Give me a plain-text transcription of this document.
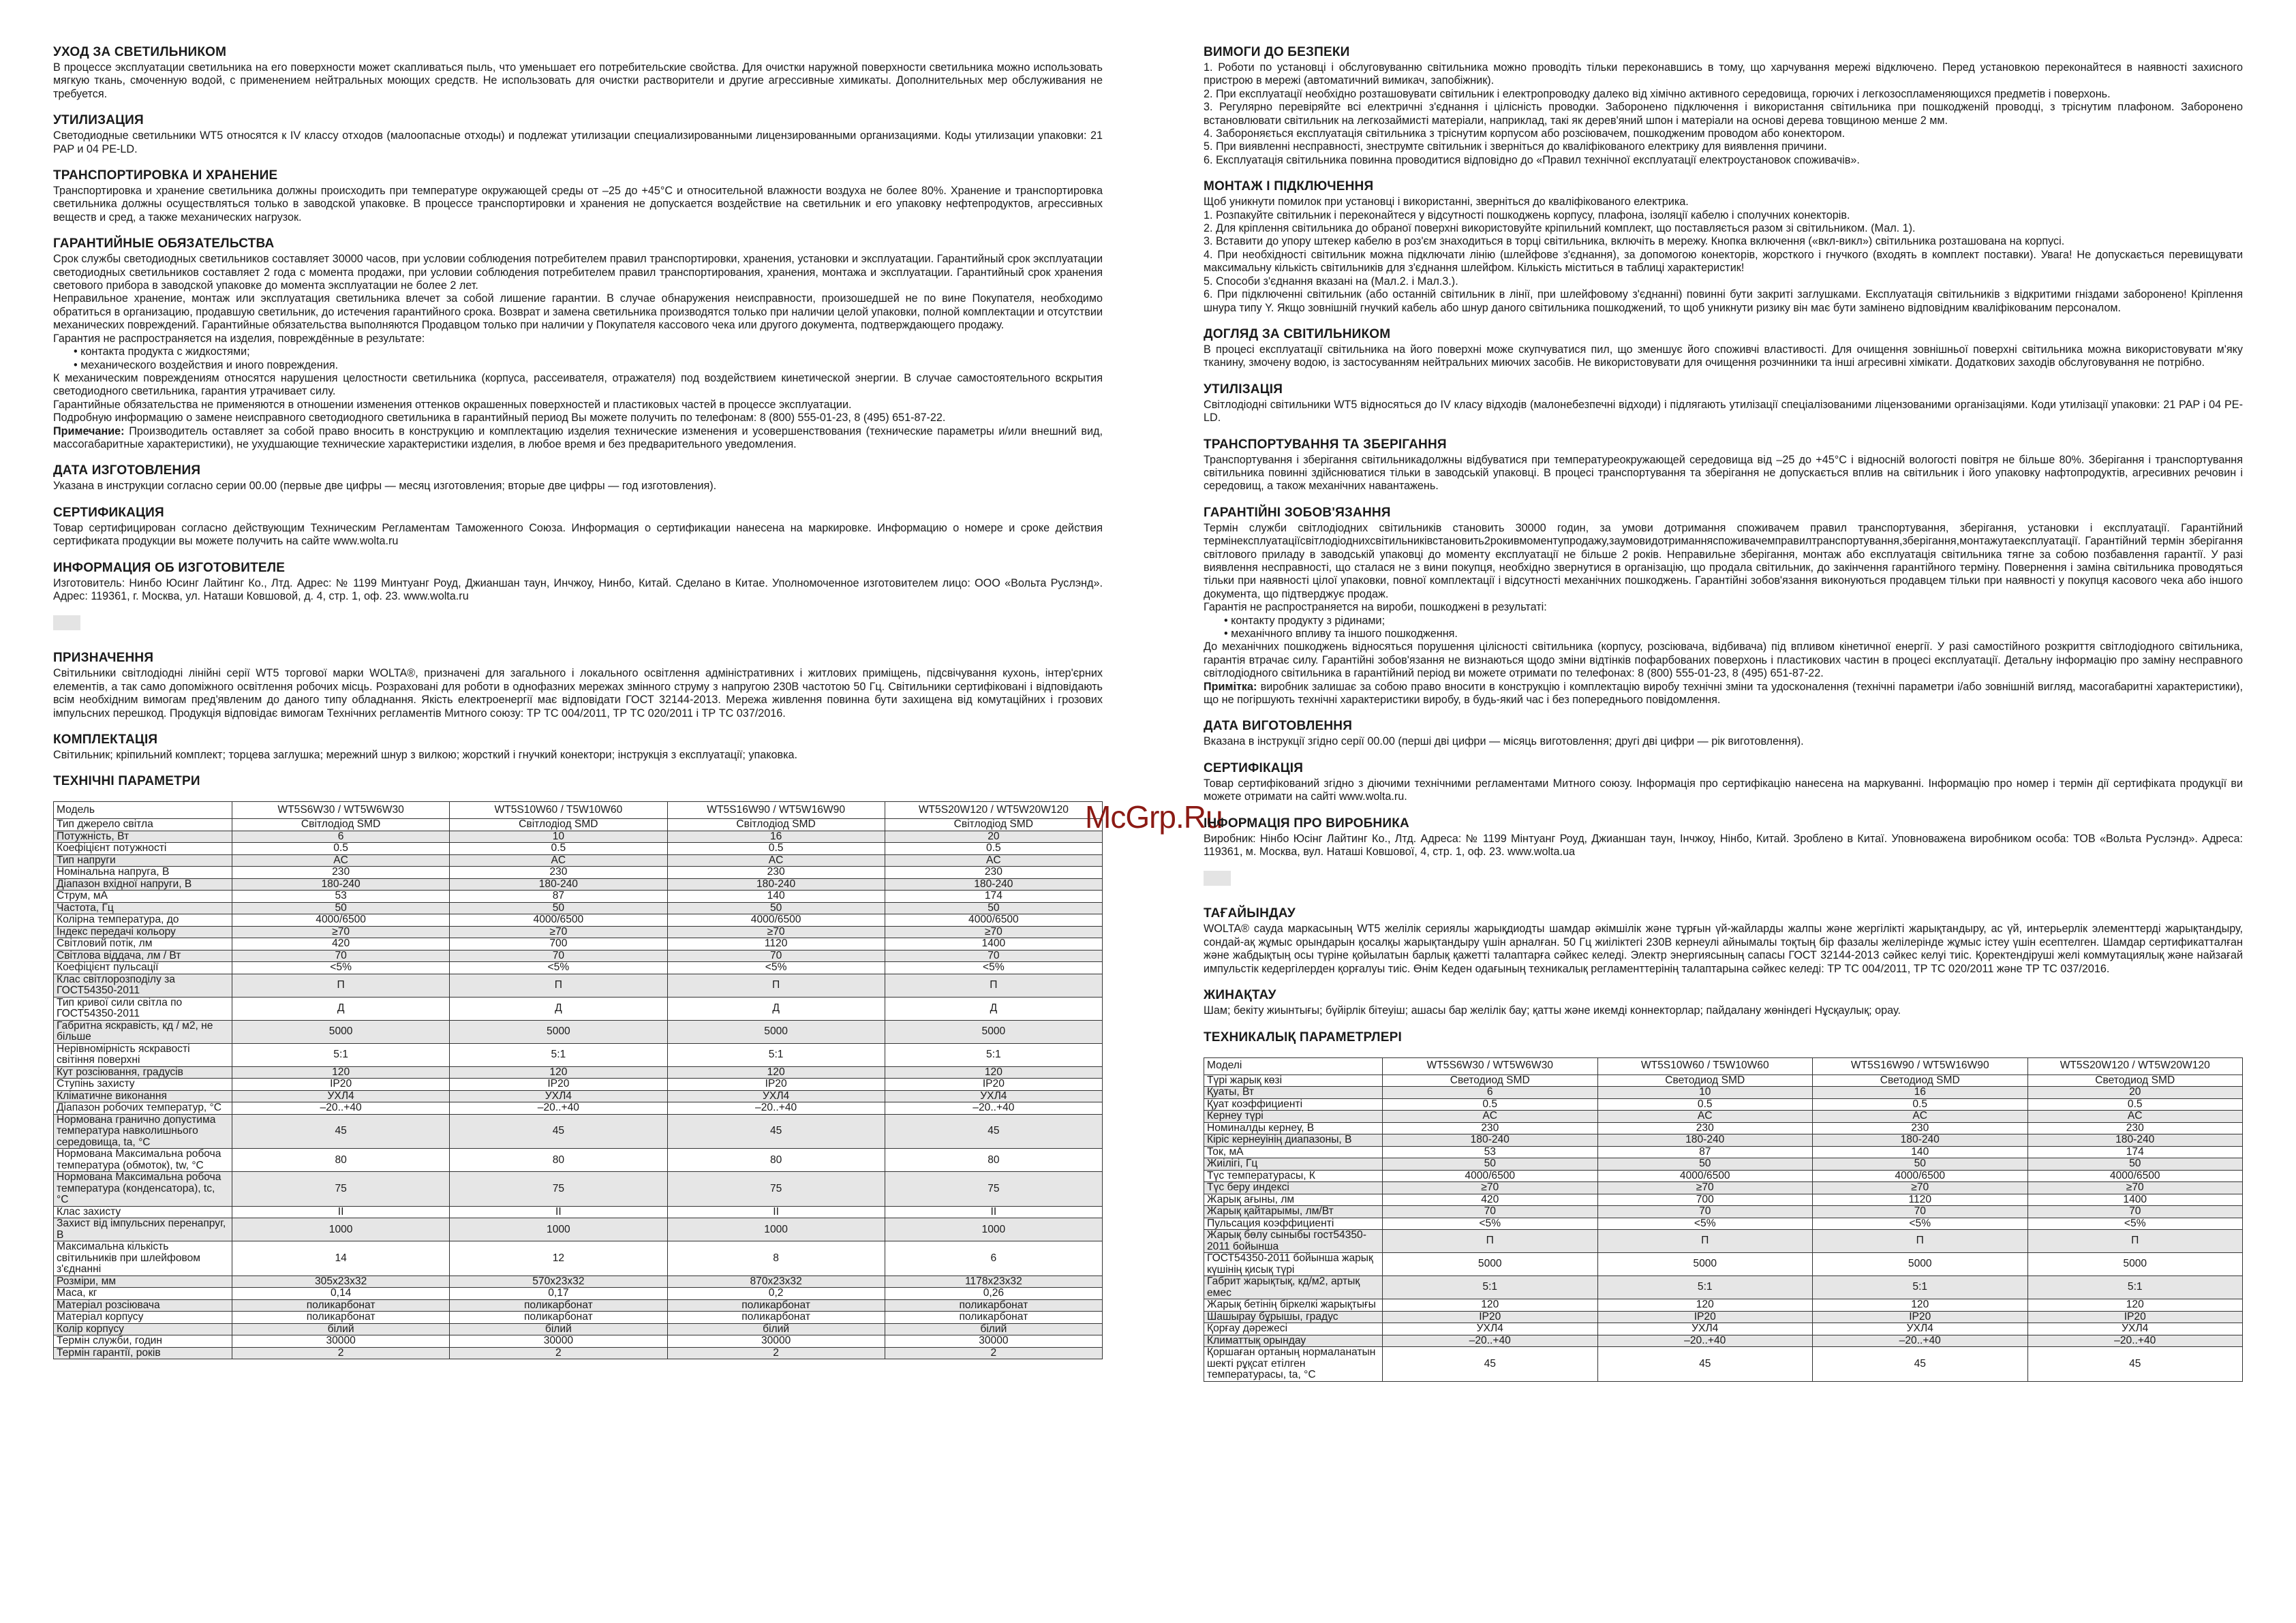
УХОД ЗА СВЕТИЛЬНИКОМ

В процессе эксплуатации светильника на его поверхности может скапливаться пыль, что уменьшает его потребительские свойства. Для очистки наружной поверхности светильника можно использовать мягкую ткань, смоченную водой, с применением нейтральных моющих средств. Не использовать для очистки растворители и другие агрессивные химикаты. Дополнительных мер обслуживания не требуется.

УТИЛИЗАЦИЯ

Светодиодные светильники WT5 относятся к IV классу отходов (малоопасные отходы) и подлежат утилизации специализированными лицензированными организациями. Коды утилизации упаковки: 21 PAP и 04 PE-LD.

ТРАНСПОРТИРОВКА И ХРАНЕНИЕ

Транспортировка и хранение светильника должны происходить при температуре окружающей среды от –25 до +45°С и относительной влажности воздуха не более 80%. Хранение и транспортировка светильника должны осуществляться только в заводской упаковке. В процессе транспортировки и хранения не допускается воздействие на светильник и его упаковку нефтепродуктов, агрессивных веществ и сред, а также механических нагрузок.

ГАРАНТИЙНЫЕ ОБЯЗАТЕЛЬСТВА

Срок службы светодиодных светильников составляет 30000 часов, при условии соблюдения потребителем правил транспортировки, хранения, установки и эксплуатации. Гарантийный срок эксплуатации светодиодных светильников составляет 2 года с момента продажи, при условии соблюдения потребителем правил транспортирования, хранения, монтажа и эксплуатации. Гарантийный срок хранения светового прибора в заводской упаковке до момента эксплуатации не более 2 лет.

Неправильное хранение, монтаж или эксплуатация светильника влечет за собой лишение гарантии. В случае обнаружения неисправности, произошедшей не по вине Покупателя, необходимо обратиться в организацию, продавшую светильник, до истечения гарантийного срока. Возврат и замена светильника производятся только при наличии целой упаковки, полной комплектации и отсутствии механических повреждений. Гарантийные обязательства выполняются Продавцом только при наличии у Покупателя кассового чека или другого документа, подтверждающего продажу.

Гарантия не распространяется на изделия, повреждённые в результате:

• контакта продукта с жидкостями;

• механического воздействия и иного повреждения.

К механическим повреждениям относятся нарушения целостности светильника (корпуса, рассеивателя, отражателя) под воздействием кинетической энергии. В случае самостоятельного вскрытия светодиодного светильника, гарантия утрачивает силу.

Гарантийные обязательства не применяются в отношении изменения оттенков окрашенных поверхностей и пластиковых частей в процессе эксплуатации.

Подробную информацию о замене неисправного светодиодного светильника в гарантийный период Вы можете получить по телефонам: 8 (800) 555-01-23, 8 (495) 651-87-22.

Примечание: Производитель оставляет за собой право вносить в конструкцию и комплектацию изделия технические изменения и усовершенствования (технические параметры и/или внешний вид, массогабаритные характеристики), не ухудшающие технические характеристики изделия, в любое время и без предварительного уведомления.

ДАТА ИЗГОТОВЛЕНИЯ

Указана в инструкции согласно серии 00.00 (первые две цифры — месяц изготовления; вторые две цифры — год изготовления).

СЕРТИФИКАЦИЯ

Товар сертифицирован согласно действующим Техническим Регламентам Таможенного Союза. Информация о сертификации нанесена на маркировке. Информацию о номере и сроке действия сертификата продукции вы можете получить на сайте www.wolta.ru

ИНФОРМАЦИЯ ОБ ИЗГОТОВИТЕЛЕ

Изготовитель: Нинбо Юсинг Лайтинг Ко., Лтд. Адрес: № 1199 Минтуанг Роуд, Джианшан таун, Инчжоу, Нинбо, Китай. Сделано в Китае. Уполномоченное изготовителем лицо: ООО «Вольта Руслэнд». Адрес: 119361, г. Москва, ул. Наташи Ковшовой, д. 4, стр. 1, оф. 23. www.wolta.ru

ПРИЗНАЧЕННЯ

Світильники світлодіодні лінійні серії WT5 торгової марки WOLTA®, призначені для загального і локального освітлення адміністративних і житлових приміщень, підсвічування кухонь, інтер'єрних елементів, а так само допоміжного освітлення робочих місць. Розраховані для роботи в однофазних мережах змінного струму з напругою 230В частотою 50 Гц. Світильники сертифіковані і відповідають всім необхідним вимогам пред'явленим до даного типу обладнання. Якість електроенергії має відповідати ГОСТ 32144-2013. Мережа живлення повинна бути захищена від комутаційних і грозових імпульсних перешкод. Продукція відповідає вимогам Технічних регламентів Митного союзу: ТР ТС 004/2011, ТР ТС 020/2011 і ТР ТС 037/2016.

КОМПЛЕКТАЦІЯ

Світильник; кріпильний комплект; торцева заглушка; мережний шнур з вилкою; жорсткий і гнучкий конектори; інструкція з експлуатації; упаковка.

ТЕХНІЧНІ ПАРАМЕТРИ
Модель	WT5S6W30 / WT5W6W30	WT5S10W60 / T5W10W60	WT5S16W90 / WT5W16W90	WT5S20W120 / WT5W20W120
Тип джерело світла	Світлодіод SMD	Світлодіод SMD	Світлодіод SMD	Світлодіод SMD
Потужність, Вт	6	10	16	20
Коефіцієнт потужності	0.5	0.5	0.5	0.5
Тип напруги	AC	AC	AC	AC
Номінальна напруга, В	230	230	230	230
Діапазон вхідної напруги, В	180-240	180-240	180-240	180-240
Струм, мА	53	87	140	174
Частота, Гц	50	50	50	50
Колірна температура, до	4000/6500	4000/6500	4000/6500	4000/6500
Індекс передачі кольору	≥70	≥70	≥70	≥70
Світловий потік, лм	420	700	1120	1400
Світлова віддача, лм / Вт	70	70	70	70
Коефіцієнт пульсації	<5%	<5%	<5%	<5%
Клас світлорозподілу за ГОСТ54350-2011	П	П	П	П
Тип кривої сили світла по ГОСТ54350-2011	Д	Д	Д	Д
Габритна яскравість, кд / м2, не більше	5000	5000	5000	5000
Нерівномірність яскравості світіння поверхні	5:1	5:1	5:1	5:1
Кут розсіювання, градусів	120	120	120	120
Ступінь захисту	IP20	IP20	IP20	IP20
Кліматичне виконання	УХЛ4	УХЛ4	УХЛ4	УХЛ4
Діапазон робочих температур, °С	–20..+40	–20..+40	–20..+40	–20..+40
Нормована гранично допустима температура навколишнього середовища, ta, °C	45	45	45	45
Нормована Максимальна робоча температура (обмоток), tw, °C	80	80	80	80
Нормована Максимальна робоча температура (конденсатора), tc, °C	75	75	75	75
Клас захисту	II	II	II	II
Захист від імпульсних перенапруг, В	1000	1000	1000	1000
Максимальна кількість світильників при шлейфовом з'єднанні	14	12	8	6
Розміри, мм	305x23x32	570x23x32	870x23x32	1178x23x32
Маса, кг	0,14	0,17	0,2	0,26
Матеріал розсіювача	поликарбонат	поликарбонат	поликарбонат	поликарбонат
Матеріал корпусу	поликарбонат	поликарбонат	поликарбонат	поликарбонат
Колір корпусу	білий	білий	білий	білий
Термін служби, годин	30000	30000	30000	30000
Термін гарантії, років	2	2	2	2
McGrp.Ru
ВИМОГИ ДО БЕЗПЕКИ

1. Роботи по установці і обслуговуванню світильника можно проводіть тільки переконавшись в тому, що харчування мережі відключено. Перед установкою переконайтеся в наявності захисного пристрою в мережі (автоматичний вимикач, запобіжник).

2. При експлуатації необхідно розташовувати світильник і електропроводку далеко від хімічно активного середовища, горючих і легкозоспламеняющихся предметів і поверхонь.

3. Регулярно перевіряйте всі електричні з'єднання і цілісність проводки. Заборонено підключення і використання світильника при пошкодженій проводці, з тріснутим плафоном. Заборонено встановлювати світильник на легкозаймисті матеріали, наприклад, такі як дерев'яний шпон і матеріали на основі дерева товщиною менше 2 мм.

4. Забороняється експлуатація світильника з тріснутим корпусом або розсіювачем, пошкодженим проводом або конектором.

5. При виявленні несправності, знеструмте світильник і зверніться до кваліфікованого електрику для виявлення причини.

6. Експлуатація світильника повинна проводитися відповідно до «Правил технічної експлуатації електроустановок споживачів».

МОНТАЖ І ПІДКЛЮЧЕННЯ

Щоб уникнути помилок при установці і використанні, зверніться до кваліфікованого електрика.

1. Розпакуйте світильник і переконайтеся у відсутності пошкоджень корпусу, плафона, ізоляції кабелю і сполучних конекторів.

2. Для кріплення світильника до обраної поверхні використовуйте кріпильний комплект, що поставляється разом зі світильником. (Мал. 1).

3. Вставити до упору штекер кабелю в роз'єм знаходиться в торці світильника, включіть в мережу. Кнопка включення («вкл-викл») світильника розташована на корпусі.

4. При необхідності світильник можна підключати лінію (шлейфове з'єднання), за допомогою конекторів, жорсткого і гнучкого (входять в комплект поставки). Увага! Не допускається перевищувати максимальну кількість світильників для з'єднання шлейфом. Кількість міститься в таблиці характеристик!

5. Способи з'єднання вказані на (Мал.2. і Мал.3.).

6. При підключенні світильник (або останній світильник в лінії, при шлейфовому з'єднанні) повинні бути закриті заглушками. Експлуатація світильників з відкритими гніздами заборонено! Кріплення шнура типу Y. Якщо зовнішній гнучкий кабель або шнур даного світильника пошкоджений, то щоб уникнути ризику він має бути замінено відповідним кваліфікованим персоналом.

ДОГЛЯД ЗА СВІТИЛЬНИКОМ

В процесі експлуатації світильника на його поверхні може скупчуватися пил, що зменшує його споживчі властивості. Для очищення зовнішньої поверхні світильника можна використовувати м'яку тканину, змочену водою, із застосуванням нейтральних миючих засобів. Не використовувати для очищення розчинники та інші агресивні хімікати. Додаткових заходів обслуговування не потрібно.

УТИЛІЗАЦІЯ

Світлодіодні світильники WT5 відносяться до IV класу відходів (малонебезпечні відходи) і підлягають утилізації спеціалізованими ліцензованими організаціями. Коди утилізації упаковки: 21 PAP і 04 PE-LD.

ТРАНСПОРТУВАННЯ ТА ЗБЕРІГАННЯ

Транспортування і зберігання світильникадолжны відбуватися при температуреокружающей середовища від –25 до +45°С і відносній вологості повітря не більше 80%. Зберігання і транспортування світильника повинні здійснюватися тільки в заводській упаковці. В процесі транспортування та зберігання не допускається вплив на світильник і його упаковку нафтопродуктів, агресивних речовин і середовищ, а також механічних навантажень.

ГАРАНТІЙНІ ЗОБОВ'ЯЗАННЯ

Термін служби світлодіодних світильників становить 30000 годин, за умови дотримання споживачем правил транспортування, зберігання, установки і експлуатації. Гарантійний термінексплуатаціїсвітлодіоднихсвітильниківстановить2рокивмоментупродажу,заумовидотриманняспоживачемправилтранспортування,зберігання,монтажутаексплуатації. Гарантійний термін зберігання світлового приладу в заводській упаковці до моменту експлуатації не більше 2 років. Неправильне зберігання, монтаж або експлуатація світильника тягне за собою позбавлення гарантії. У разі виявлення несправності, що сталася не з вини покупця, необхідно звернутися в організацію, що продала світильник, до закінчення гарантійного терміну. Повернення і заміна світильника проводяться тільки при наявності цілої упаковки, повної комплектації і відсутності механічних пошкоджень. Гарантійні зобов'язання виконуються продавцем тільки при наявності у покупця касового чека або іншого документа, що підтверджує продаж.

Гарантія не распространяется на вироби, пошкоджені в результаті:

• контакту продукту з рідинами;

• механічного впливу та іншого пошкодження.

До механічних пошкоджень відносяться порушення цілісності світильника (корпусу, розсіювача, відбивача) під впливом кінетичної енергії. У разі самостійного розкриття світлодіодного світильника, гарантія втрачає силу. Гарантійні зобов'язання не визнаються щодо зміни відтінків пофарбованих поверхонь і пластикових частин в процесі експлуатації. Детальну інформацію про заміну несправного світлодіодного світильника в гарантійний період ви можете отримати по телефонах: 8 (800) 555-01-23, 8 (495) 651-87-22.

Примітка: виробник залишає за собою право вносити в конструкцію і комплектацію виробу технічні зміни та удосконалення (технічні параметри і/або зовнішній вигляд, масогабаритні характеристики), що не погіршують технічні характеристики виробу, в будь-який час і без попереднього повідомлення.

ДАТА ВИГОТОВЛЕННЯ

Вказана в інструкції згідно серії 00.00 (перші дві цифри — місяць виготовлення; другі дві цифри — рік виготовлення).

СЕРТИФІКАЦІЯ

Товар сертифікований згідно з діючими технічними регламентами Митного союзу. Інформація про сертифікацію нанесена на маркуванні. Інформацію про номер і термін дії сертифіката продукції ви можете отримати на сайті www.wolta.ru.

ІНФОРМАЦІЯ ПРО ВИРОБНИКА

Виробник: Нінбо Юсінг Лайтинг Ко., Лтд. Адреса: № 1199 Мінтуанг Роуд, Джианшан таун, Інчжоу, Нінбо, Китай. Зроблено в Китаї. Уповноважена виробником особа: ТОВ «Вольта Руслэнд». Адреса: 119361, м. Москва, вул. Наташі Ковшової, 4, стр. 1, оф. 23. www.wolta.ua

ТАҒАЙЫНДАУ

WOLTA® сауда маркасының WT5 желілік сериялы жарықдиодты шамдар әкімшілік және тұрғын үй-жайларды жалпы және жергілікті жарықтандыру, ас үй, интерьерлік элементтерді жарықтандыру, сондай-ақ жұмыс орындарын қосалқы жарықтандыру үшін арналған. 50 Гц жиіліктегі 230В кернеулі айнымалы тоқтың бір фазалы желілерінде жұмыс істеу үшін есептелген. Шамдар сертификатталған және жабдықтың осы түріне қойылатын барлық қажетті талаптарға сәйкес келеді. Электр энергиясының сапасы ГОСТ 32144-2013 сәйкес келуі тиіс. Қоректендіруші желі коммутациялық және найзағай импульстік кедергілерден қорғалуы тиіс. Өнім Кеден одағының техникалық регламенттерінің талаптарына сәйкес келеді: ТР ТС 004/2011, ТР ТС 020/2011 және ТР ТС 037/2016.

ЖИНАҚТАУ

Шам; бекіту жиынтығы; бүйірлік бітеуіш; ашасы бар желілік бау; қатты және икемді коннекторлар; пайдалану жөніндегі Нұсқаулық; орау.

ТЕХНИКАЛЫҚ ПАРАМЕТРЛЕРІ
Моделі	WT5S6W30 / WT5W6W30	WT5S10W60 / T5W10W60	WT5S16W90 / WT5W16W90	WT5S20W120 / WT5W20W120
Түрі жарық көзі	Светодиод SMD	Светодиод SMD	Светодиод SMD	Светодиод SMD
Қуаты, Вт	6	10	16	20
Қуат коэффициенті	0.5	0.5	0.5	0.5
Кернеу түрі	AC	AC	AC	AC
Номиналды кернеу, В	230	230	230	230
Кіріс кернеуінің диапазоны, В	180-240	180-240	180-240	180-240
Ток, мА	53	87	140	174
Жиілігі, Гц	50	50	50	50
Түс температурасы, К	4000/6500	4000/6500	4000/6500	4000/6500
Түс беру индексі	≥70	≥70	≥70	≥70
Жарық ағыны, лм	420	700	1120	1400
Жарық қайтарымы, лм/Вт	70	70	70	70
Пульсация коэффициенті	<5%	<5%	<5%	<5%
Жарық бөлу сыныбы гост54350-2011 бойынша	П	П	П	П
ГОСТ54350-2011 бойынша жарық күшінің қисық түрі	5000	5000	5000	5000
Габрит жарықтық, кд/м2, артық емес	5:1	5:1	5:1	5:1
Жарық бетінің біркелкі жарықтығы	120	120	120	120
Шашырау бұрышы, градус	IP20	IP20	IP20	IP20
Қорғау дәрежесі	УХЛ4	УХЛ4	УХЛ4	УХЛ4
Климаттық орындау	–20..+40	–20..+40	–20..+40	–20..+40
Қоршаған ортаның нормаланатын шекті рұқсат етілген температурасы, ta, °C	45	45	45	45
